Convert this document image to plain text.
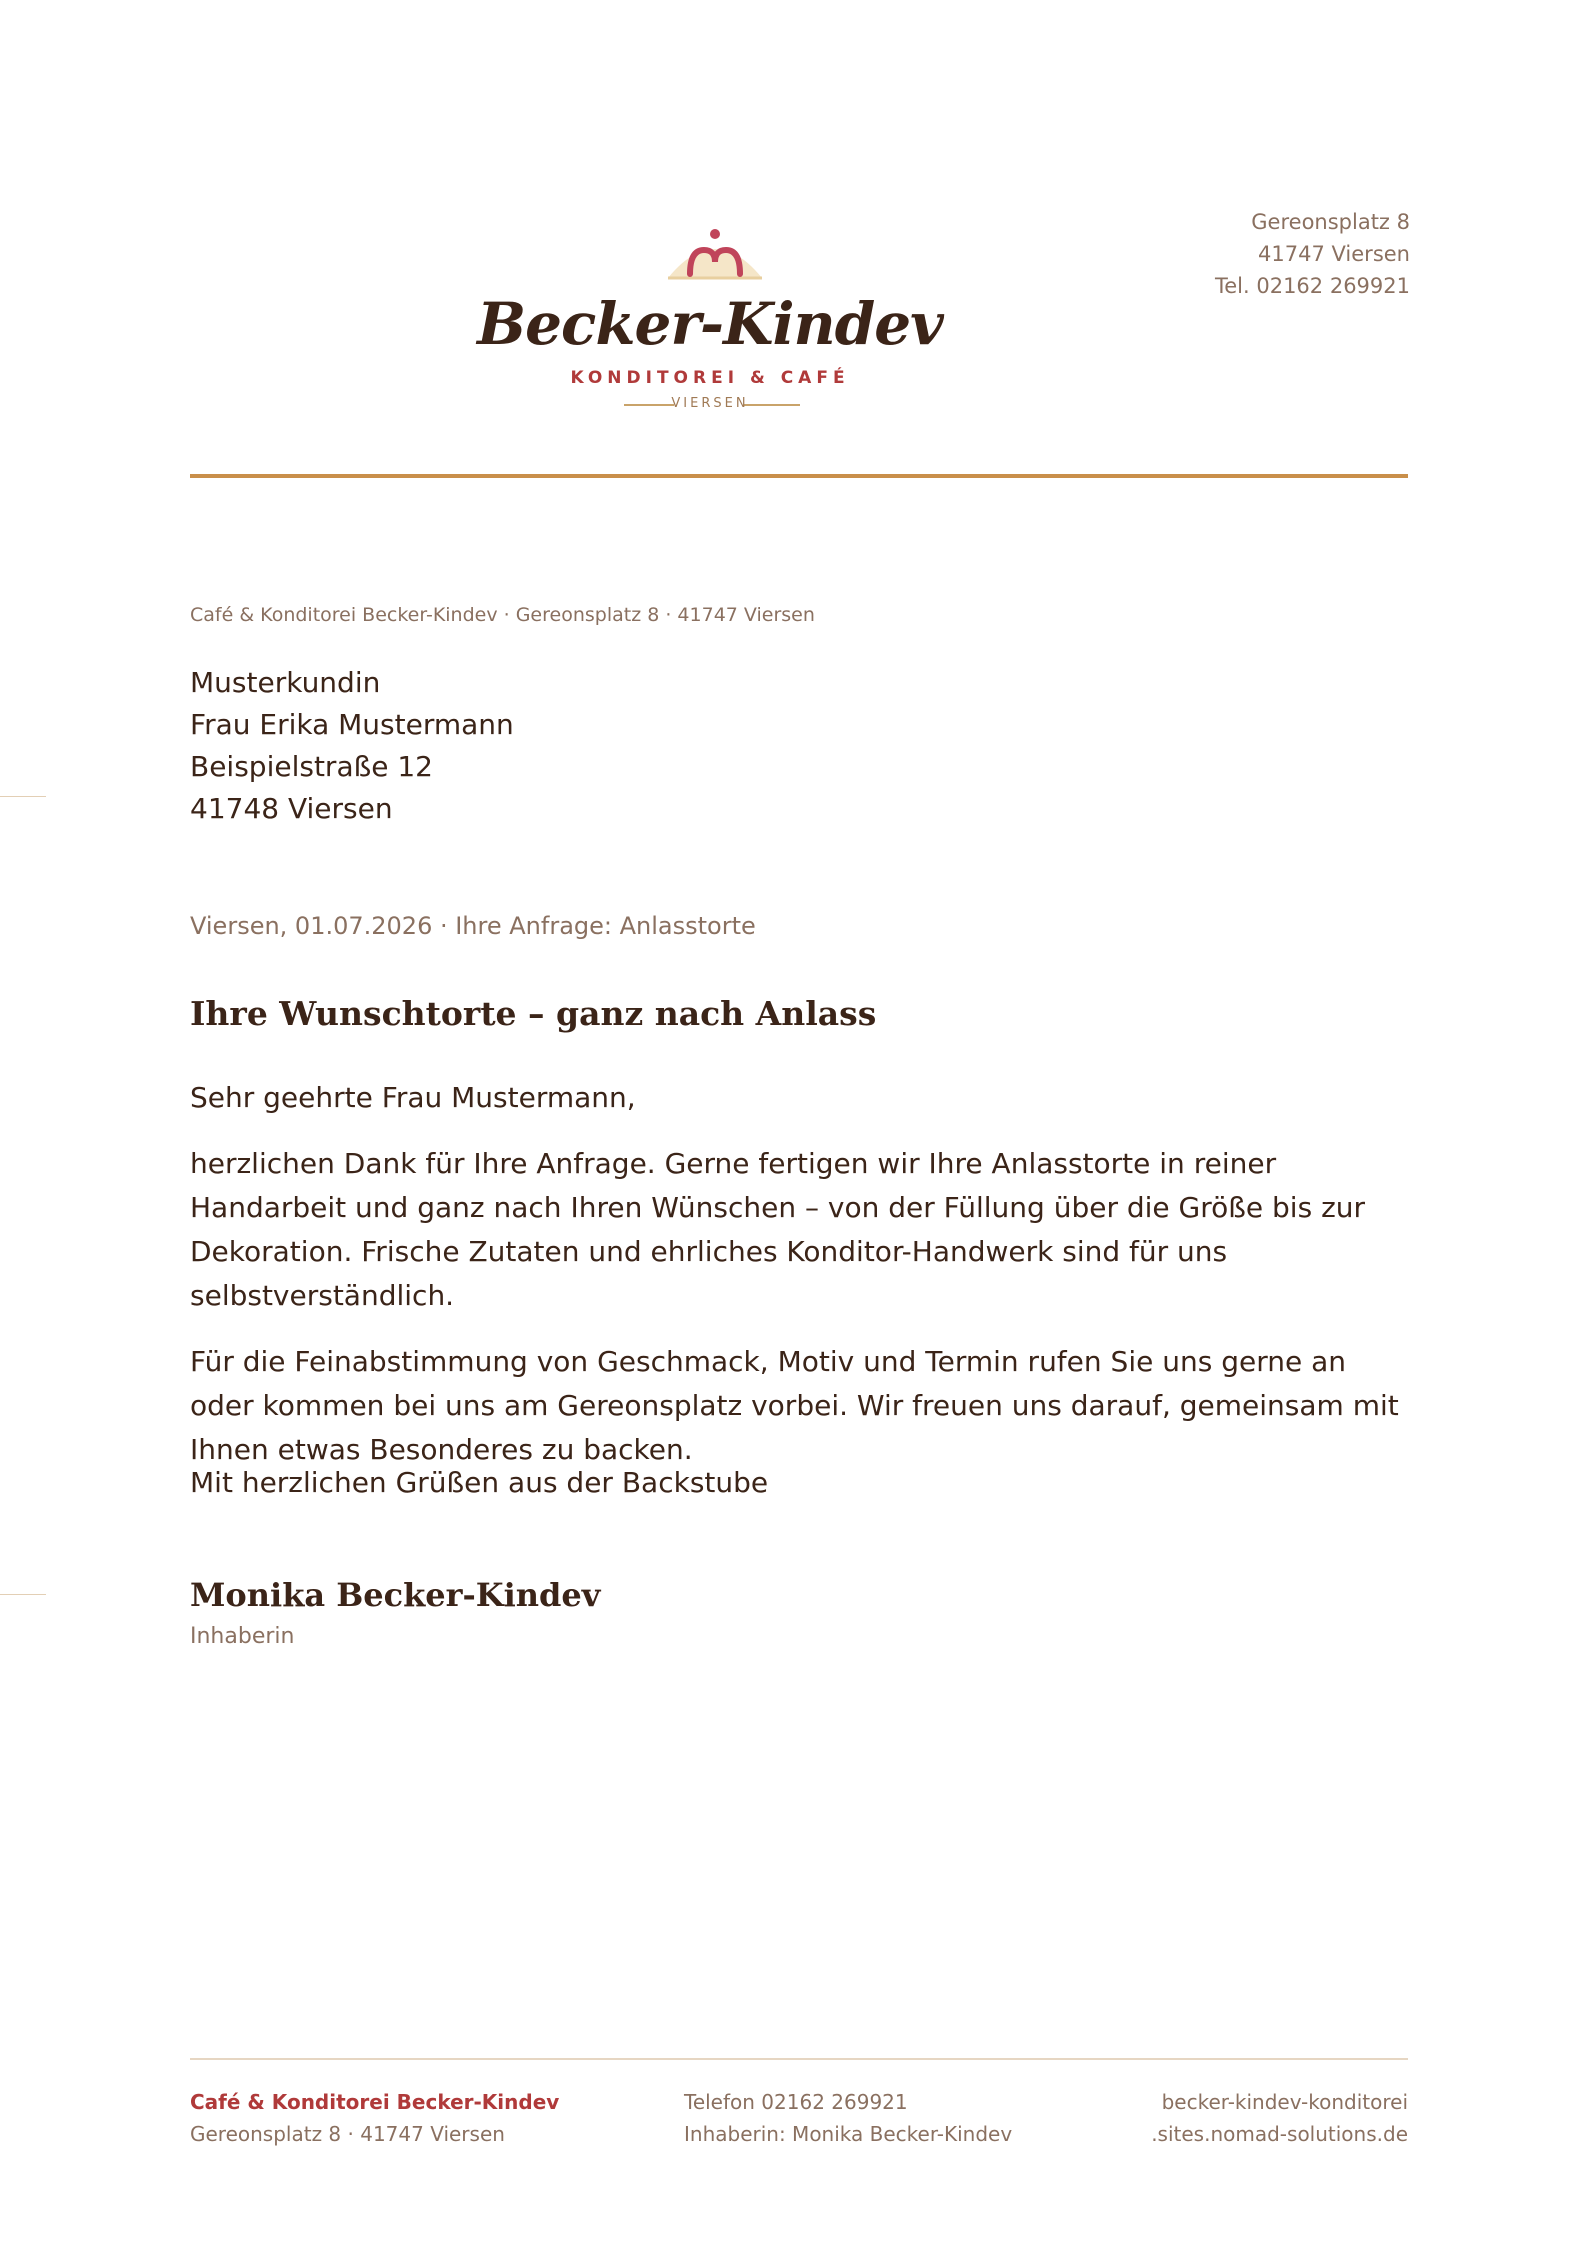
Gereonsplatz 8
41747 Viersen
Tel. 02162 269921
Becker-Kindev
KONDITOREI & CAFÉ
VIERSEN
Café & Konditorei Becker-Kindev · Gereonsplatz 8 · 41747 Viersen
Musterkundin
Frau Erika Mustermann
Beispielstraße 12
41748 Viersen
Viersen, 01.07.2026 · Ihre Anfrage: Anlasstorte
Ihre Wunschtorte – ganz nach Anlass

Sehr geehrte Frau Mustermann,

herzlichen Dank für Ihre Anfrage. Gerne fertigen wir Ihre Anlasstorte in reiner Handarbeit und ganz nach Ihren Wünschen – von der Füllung über die Größe bis zur Dekoration. Frische Zutaten und ehrliches Konditor-Handwerk sind für uns selbstverständlich.

Für die Feinabstimmung von Geschmack, Motiv und Termin rufen Sie uns gerne an oder kommen bei uns am Gereonsplatz vorbei. Wir freuen uns darauf, gemeinsam mit Ihnen etwas Besonderes zu backen.

Mit herzlichen Grüßen aus der Backstube
Monika Becker-Kindev
Inhaberin
Café & Konditorei Becker-Kindev
Gereonsplatz 8 · 41747 Viersen
Telefon 02162 269921
Inhaberin: Monika Becker-Kindev
becker-kindev-konditorei
.sites.nomad-solutions.de
